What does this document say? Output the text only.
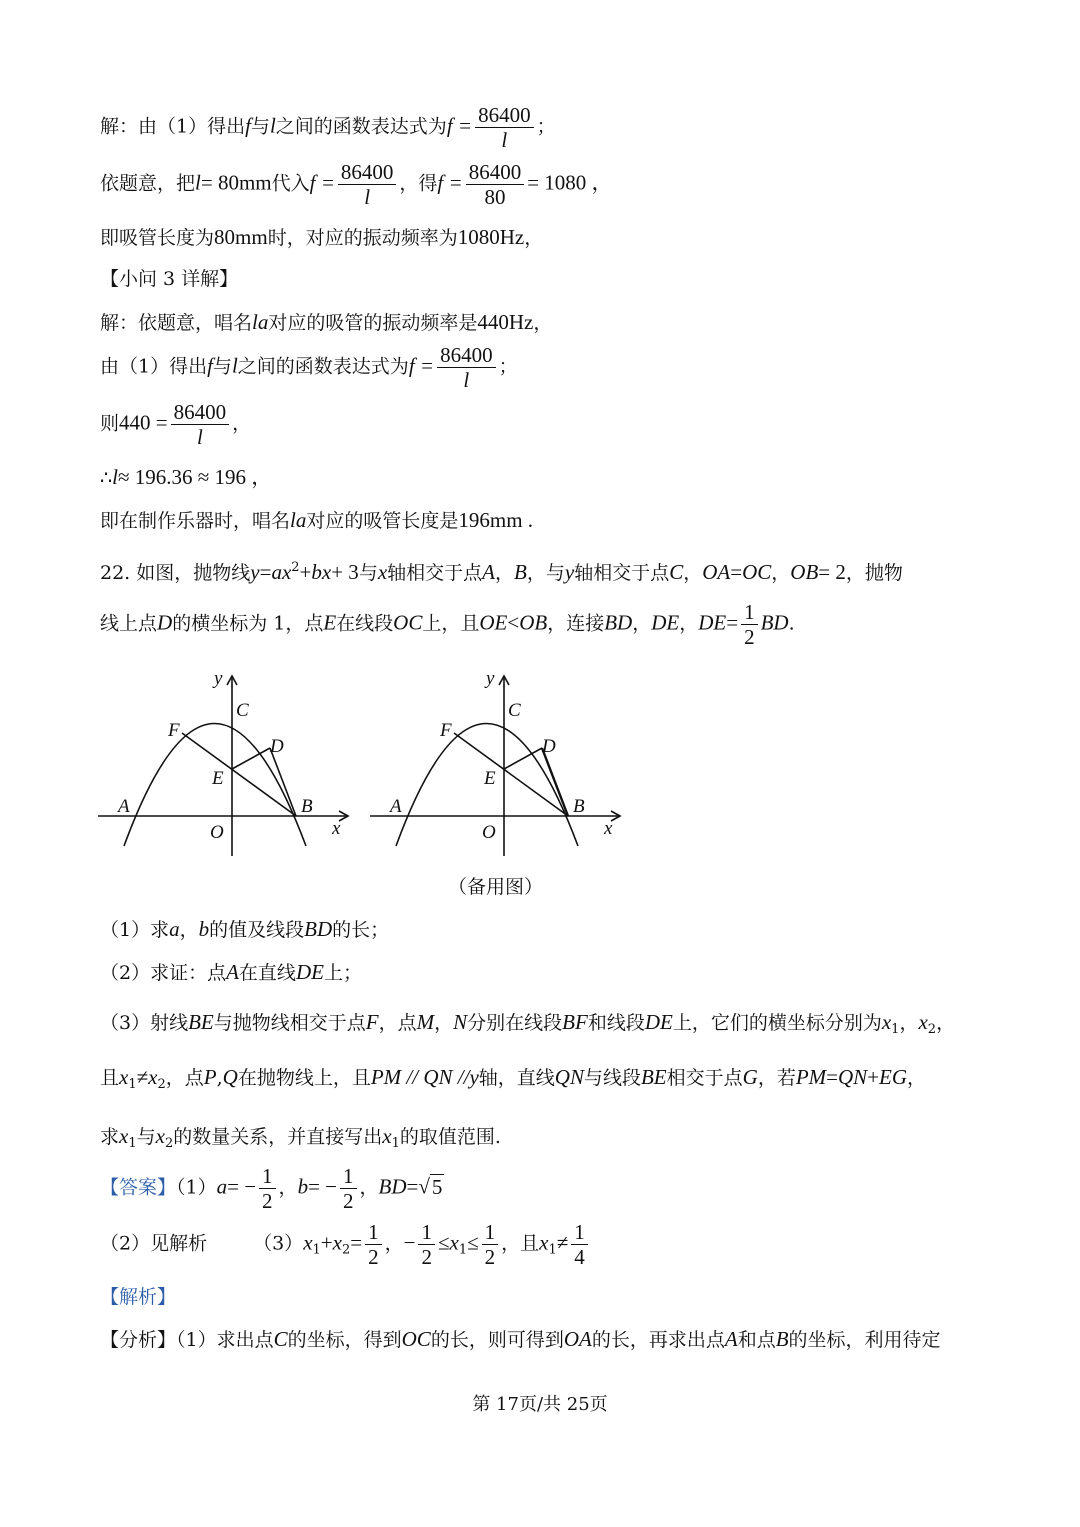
解：由（1）得出f与l之间的函数表达式为$f = \frac{86400}{l}$ ；
依题意，把l= 80mm代入$f = \frac{86400}{l}$ ，得$f = \frac{86400}{80} = 1080$ ，
即吸管长度为80mm时，对应的振动频率为1080Hz，
【小问 3 详解】
解：依题意，唱名la对应的吸管的振动频率是440Hz，
由（1）得出f与l之间的函数表达式为$f = \frac{86400}{l}$ ；
则$440 = \frac{86400}{l}$ ，
∴l≈ 196.36 ≈ 196 ，
即在制作乐器时，唱名la对应的吸管长度是196mm .
22. 如图，抛物线$y=ax^2+bx+ 3$与x轴相交于点A，B，与y轴相交于点C，OA=OC，OB= 2，抛物
线上点D的横坐标为 1，点E在线段OC上，且OE<OB，连接BD，DE，$DE= \frac{1}{2}$ BD.
y
C
F
D
E
A	B
O	x
y
C
F
D
E
A	B
O	x
（备用图）
（1）求a，b的值及线段BD的长；
（2）求证：点A在直线DE上；
（3）射线BE与抛物线相交于点F，点M，N分别在线段BF和线段DE上，它们的横坐标分别为$x_1$，$x_2$，
且$x_1\ne x_2$，点P,Q在抛物线上，且PM // QN //y轴，直线QN与线段BE相交于点G，若PM=QN+EG，
求$x_1$与$x_2$的数量关系，并直接写出$x_1$的取值范围.
【答案】$(1)a= - \frac{1}{2}$ ，$b= - \frac{1}{2}$ ，BD=√5
（2）见解析 $(3)x_1+x_2= \frac{1}{2}$ ，− $\frac{1}{2} \le x_1\le \frac{1}{2}$ ，且$x_1\ne \frac{1}{4}$
【解析】
【分析】（1）求出点C的坐标，得到OC的长，则可得到OA的长，再求出点A和点B的坐标，利用待定
第 17页/共 25页
